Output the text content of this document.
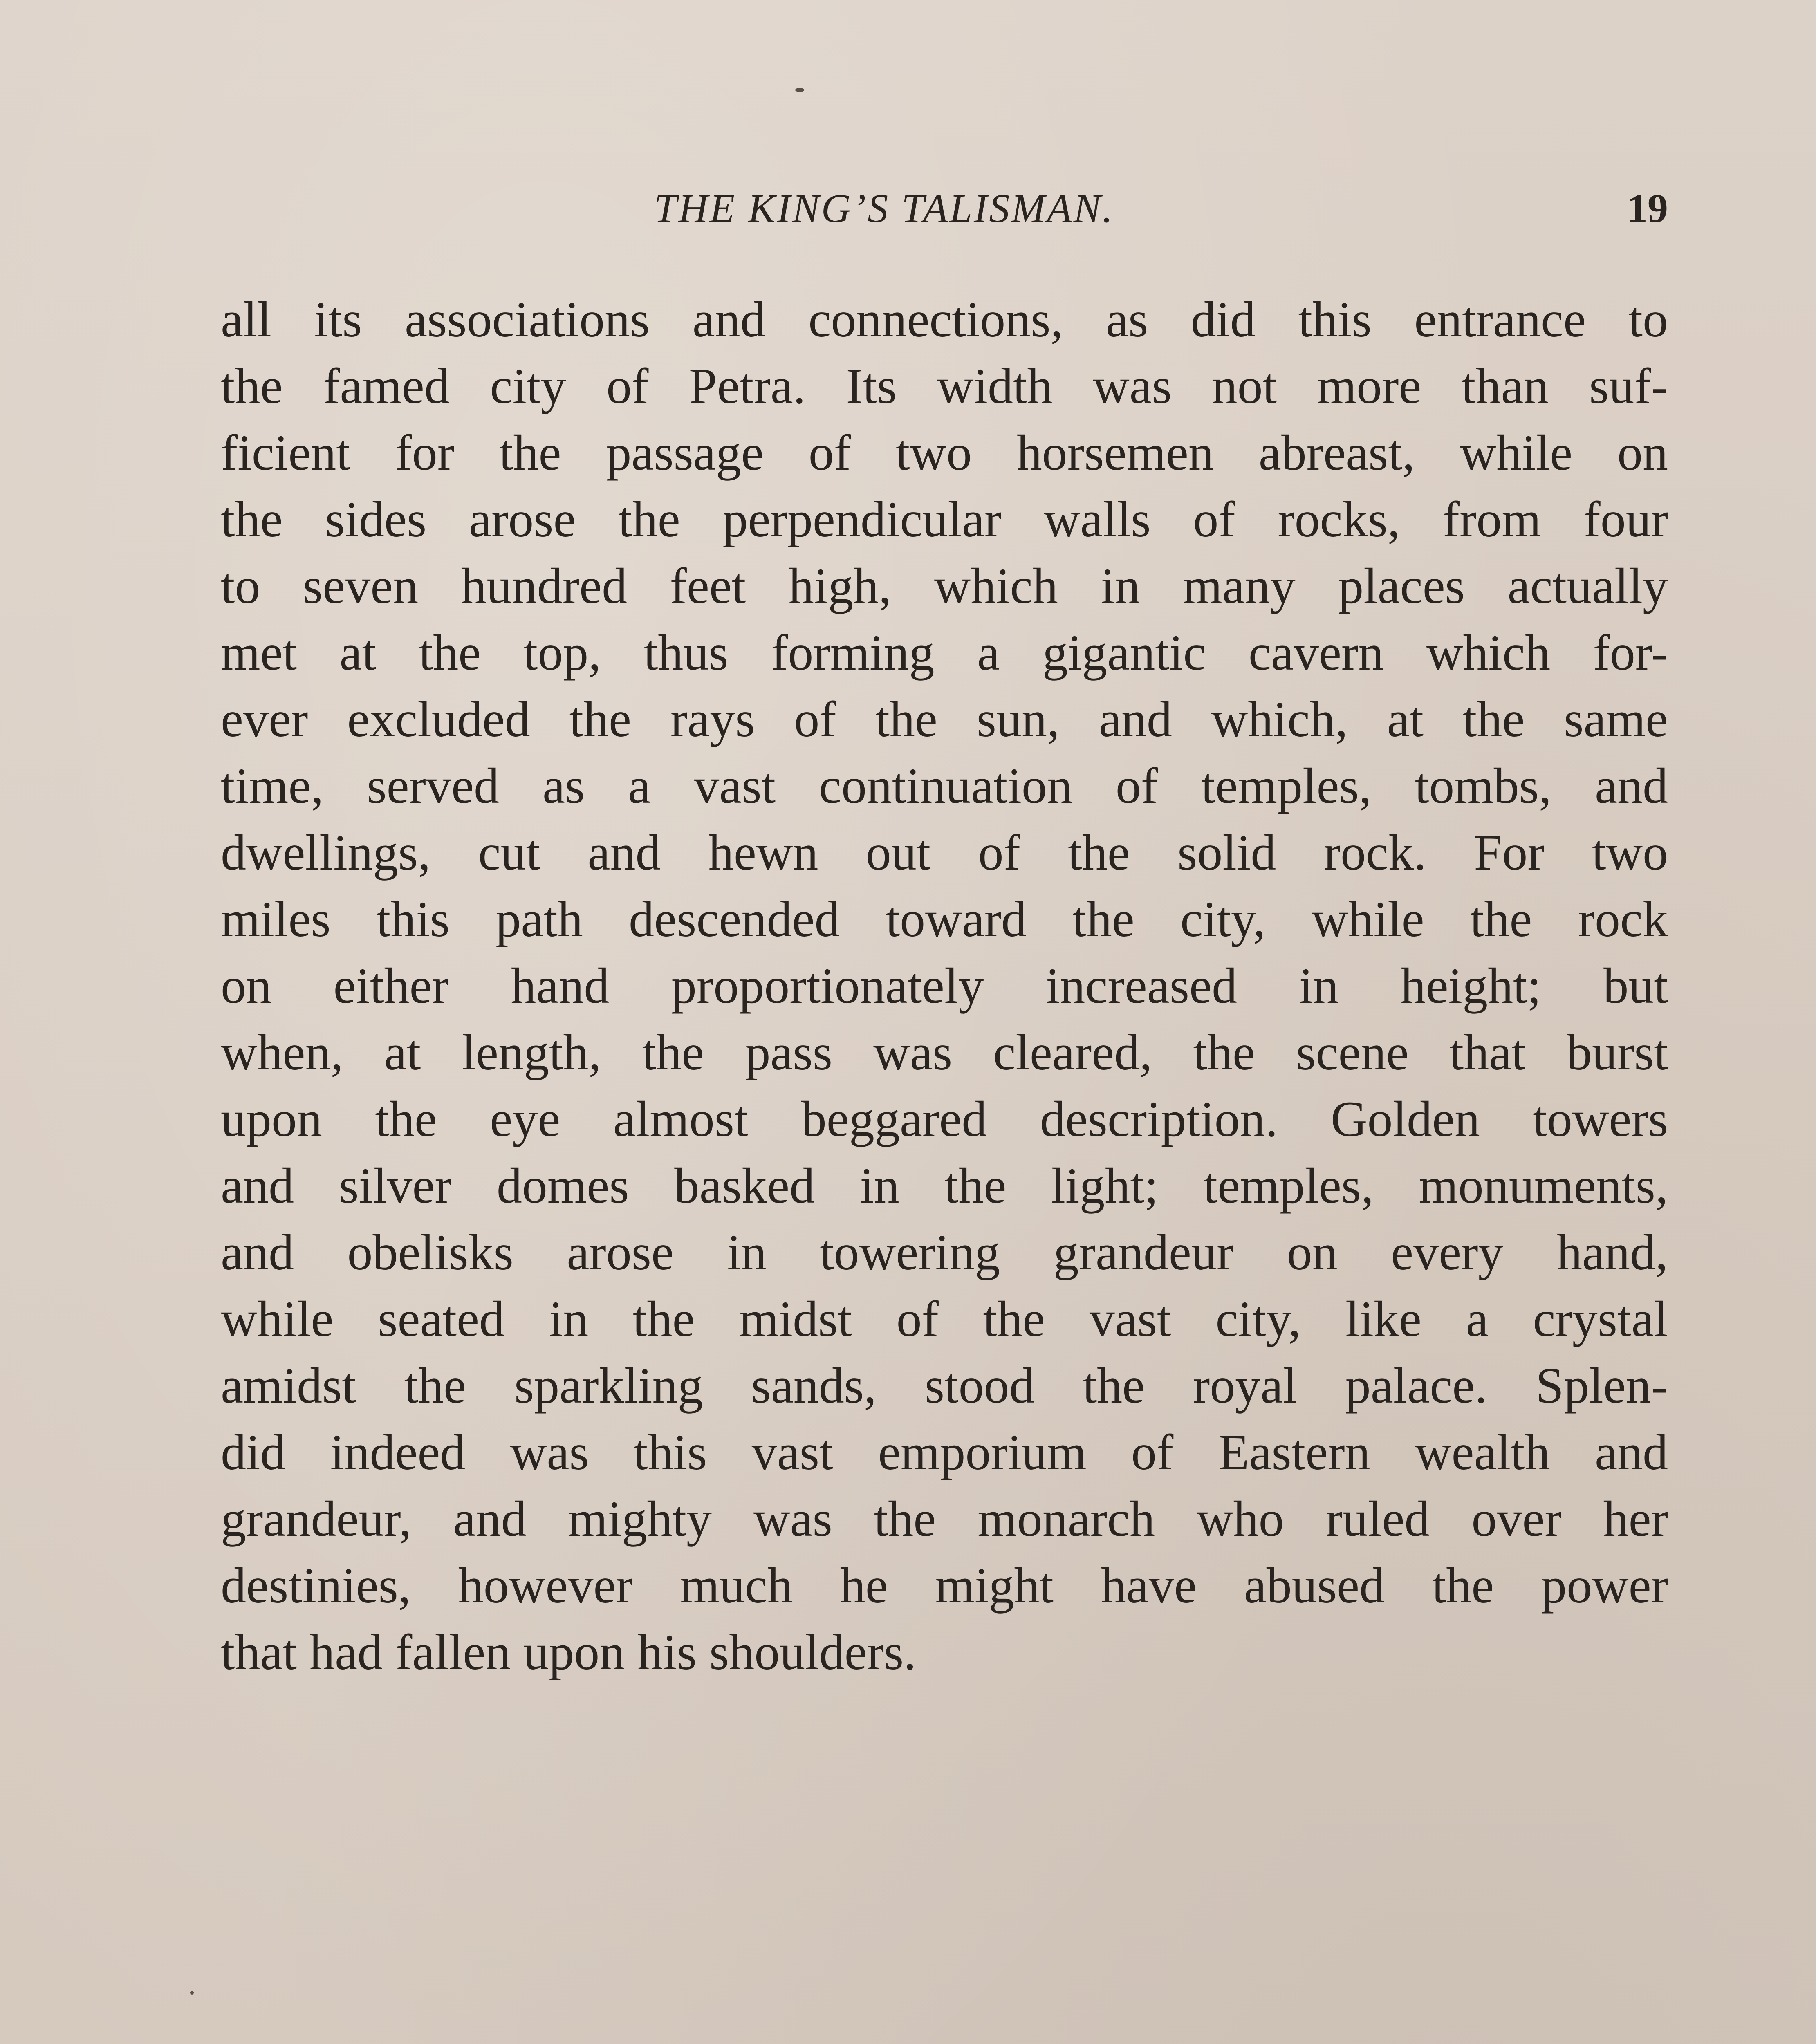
THE KING’S TALISMAN.	19
all its associations and connections, as did this entrance to
the famed city of Petra. Its width was not more than suf-
ficient for the passage of two horsemen abreast, while on
the sides arose the perpendicular walls of rocks, from four
to seven hundred feet high, which in many places actually
met at the top, thus forming a gigantic cavern which for-
ever excluded the rays of the sun, and which, at the same
time, served as a vast continuation of temples, tombs, and
dwellings, cut and hewn out of the solid rock. For two
miles this path descended toward the city, while the rock
on either hand proportionately increased in height; but
when, at length, the pass was cleared, the scene that burst
upon the eye almost beggared description. Golden towers
and silver domes basked in the light; temples, monuments,
and obelisks arose in towering grandeur on every hand,
while seated in the midst of the vast city, like a crystal
amidst the sparkling sands, stood the royal palace. Splen-
did indeed was this vast emporium of Eastern wealth and
grandeur, and mighty was the monarch who ruled over her
destinies, however much he might have abused the power
that had fallen upon his shoulders.
